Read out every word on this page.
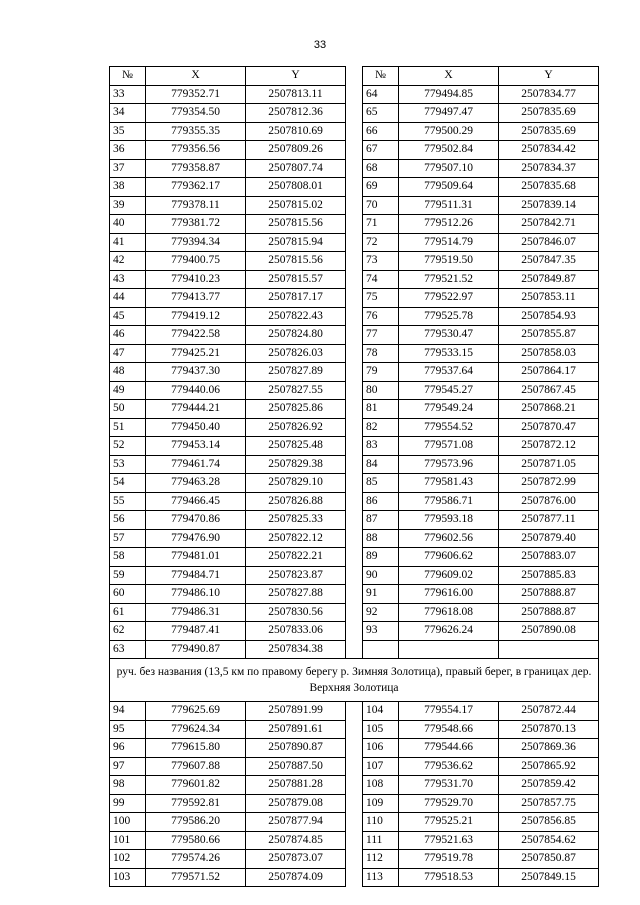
33
№	X	Y		№	X	Y
33	779352.71	2507813.11		64	779494.85	2507834.77
34	779354.50	2507812.36		65	779497.47	2507835.69
35	779355.35	2507810.69		66	779500.29	2507835.69
36	779356.56	2507809.26		67	779502.84	2507834.42
37	779358.87	2507807.74		68	779507.10	2507834.37
38	779362.17	2507808.01		69	779509.64	2507835.68
39	779378.11	2507815.02		70	779511.31	2507839.14
40	779381.72	2507815.56		71	779512.26	2507842.71
41	779394.34	2507815.94		72	779514.79	2507846.07
42	779400.75	2507815.56		73	779519.50	2507847.35
43	779410.23	2507815.57		74	779521.52	2507849.87
44	779413.77	2507817.17		75	779522.97	2507853.11
45	779419.12	2507822.43		76	779525.78	2507854.93
46	779422.58	2507824.80		77	779530.47	2507855.87
47	779425.21	2507826.03		78	779533.15	2507858.03
48	779437.30	2507827.89		79	779537.64	2507864.17
49	779440.06	2507827.55		80	779545.27	2507867.45
50	779444.21	2507825.86		81	779549.24	2507868.21
51	779450.40	2507826.92		82	779554.52	2507870.47
52	779453.14	2507825.48		83	779571.08	2507872.12
53	779461.74	2507829.38		84	779573.96	2507871.05
54	779463.28	2507829.10		85	779581.43	2507872.99
55	779466.45	2507826.88		86	779586.71	2507876.00
56	779470.86	2507825.33		87	779593.18	2507877.11
57	779476.90	2507822.12		88	779602.56	2507879.40
58	779481.01	2507822.21		89	779606.62	2507883.07
59	779484.71	2507823.87		90	779609.02	2507885.83
60	779486.10	2507827.88		91	779616.00	2507888.87
61	779486.31	2507830.56		92	779618.08	2507888.87
62	779487.41	2507833.06		93	779626.24	2507890.08
63	779490.87	2507834.38				
руч. без названия (13,5 км по правому берегу р. Зимняя Золотица), правый берег, в границах дер. Верхняя Золотица						
94	779625.69	2507891.99		104	779554.17	2507872.44
95	779624.34	2507891.61		105	779548.66	2507870.13
96	779615.80	2507890.87		106	779544.66	2507869.36
97	779607.88	2507887.50		107	779536.62	2507865.92
98	779601.82	2507881.28		108	779531.70	2507859.42
99	779592.81	2507879.08		109	779529.70	2507857.75
100	779586.20	2507877.94		110	779525.21	2507856.85
101	779580.66	2507874.85		111	779521.63	2507854.62
102	779574.26	2507873.07		112	779519.78	2507850.87
103	779571.52	2507874.09		113	779518.53	2507849.15
